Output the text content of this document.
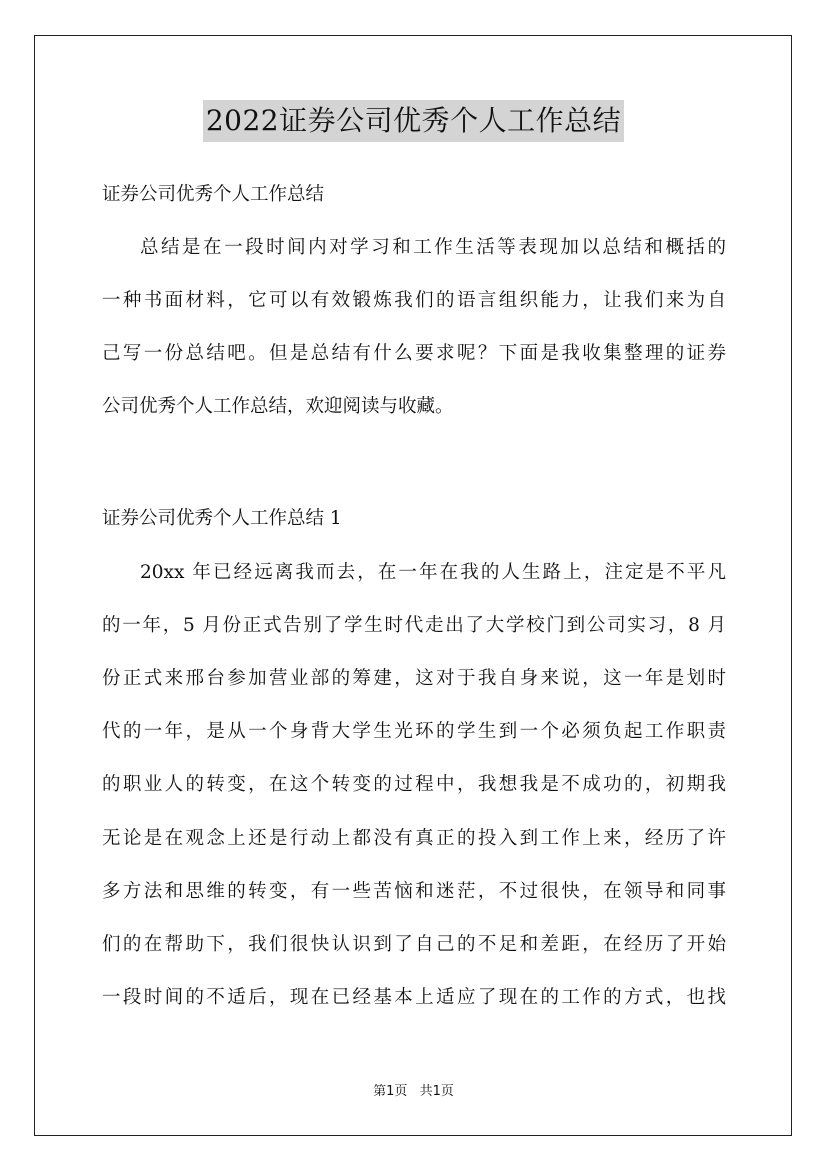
2022证券公司优秀个人工作总结
证券公司优秀个人工作总结
总结是在一段时间内对学习和工作生活等表现加以总结和概括的
一种书面材料，它可以有效锻炼我们的语言组织能力，让我们来为自
己写一份总结吧。但是总结有什么要求呢？下面是我收集整理的证券
公司优秀个人工作总结，欢迎阅读与收藏。
证券公司优秀个人工作总结 1
20xx 年已经远离我而去，在一年在我的人生路上，注定是不平凡
的一年，5 月份正式告别了学生时代走出了大学校门到公司实习，8 月
份正式来邢台参加营业部的筹建，这对于我自身来说，这一年是划时
代的一年，是从一个身背大学生光环的学生到一个必须负起工作职责
的职业人的转变，在这个转变的过程中，我想我是不成功的，初期我
无论是在观念上还是行动上都没有真正的投入到工作上来，经历了许
多方法和思维的转变，有一些苦恼和迷茫，不过很快，在领导和同事
们的在帮助下，我们很快认识到了自己的不足和差距，在经历了开始
一段时间的不适后，现在已经基本上适应了现在的工作的方式，也找
第1页 共1页
